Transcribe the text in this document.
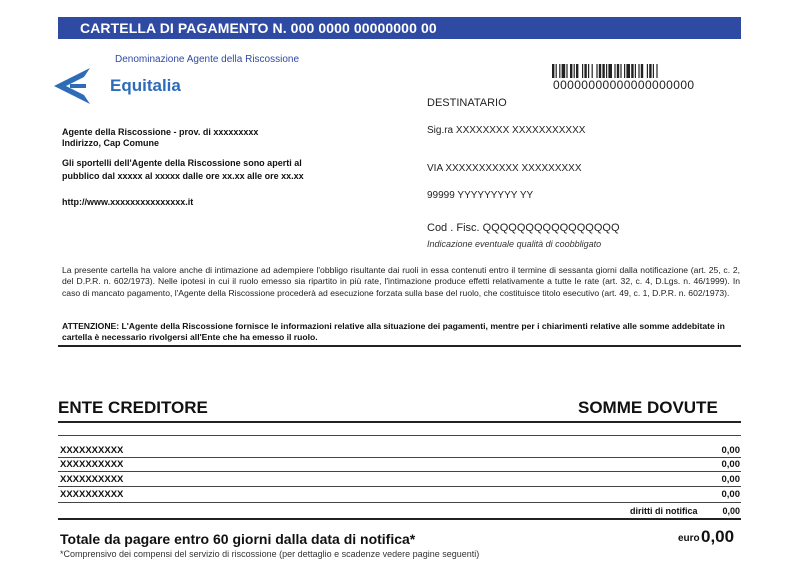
CARTELLA DI PAGAMENTO N. 000 0000 00000000 00
Denominazione Agente della Riscossione
Equitalia	00000000000000000000
DESTINATARIO
Sig.ra XXXXXXXX XXXXXXXXXXX
VIA XXXXXXXXXXX XXXXXXXXX
99999 YYYYYYYYY YY
Cod . Fisc. QQQQQQQQQQQQQQQQ
Indicazione eventuale qualità di coobbligato
Agente della Riscossione - prov. di xxxxxxxxx
Indirizzo, Cap Comune
Gli sportelli dell'Agente della Riscossione sono aperti al
pubblico dal xxxxx al xxxxx dalle ore xx.xx alle ore xx.xx
http://www.xxxxxxxxxxxxxxx.it
La presente cartella ha valore anche di intimazione ad adempiere l'obbligo risultante dai ruoli in essa contenuti entro il termine di sessanta giorni dalla notificazione (art. 25, c. 2, del D.P.R. n. 602/1973). Nelle ipotesi in cui il ruolo emesso sia ripartito in più rate, l'intimazione produce effetti relativamente a tutte le rate (art. 32, c. 4, D.Lgs. n. 46/1999). In caso di mancato pagamento, l'Agente della Riscossione procederà ad esecuzione forzata sulla base del ruolo, che costituisce titolo esecutivo (art. 49, c. 1, D.P.R. n. 602/1973).
ATTENZIONE: L'Agente della Riscossione fornisce le informazioni relative alla situazione dei pagamenti, mentre per i chiarimenti relative alle somme addebitate in cartella è necessario rivolgersi all'Ente che ha emesso il ruolo.
ENTE CREDITORE	SOMME DOVUTE
XXXXXXXXXX	0,00
XXXXXXXXXX	0,00
XXXXXXXXXX	0,00
XXXXXXXXXX	0,00
diritti di notifica	0,00
Totale da pagare entro 60 giorni dalla data di notifica*	euro 0,00
*Comprensivo dei compensi del servizio di riscossione (per dettaglio e scadenze vedere pagine seguenti)
